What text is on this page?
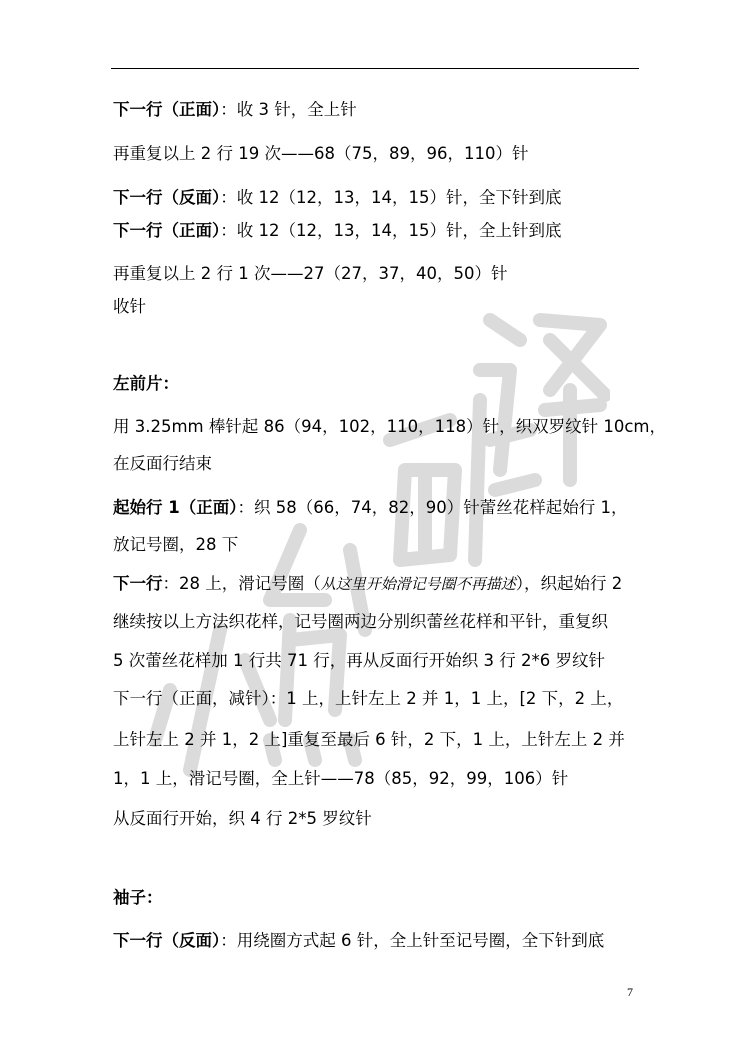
下一行（正面）：收 3 针，全上针
再重复以上 2 行 19 次——68（75，89，96，110）针
下一行（反面）：收 12（12，13，14，15）针，全下针到底
下一行（正面）：收 12（12，13，14，15）针，全上针到底
再重复以上 2 行 1 次——27（27，37，40，50）针
收针
左前片：
用 3.25mm 棒针起 86（94，102，110，118）针，织双罗纹针 10cm，
在反面行结束
起始行 1（正面）：织 58（66，74，82，90）针蕾丝花样起始行 1，
放记号圈，28 下
下一行：28 上，滑记号圈（从这里开始滑记号圈不再描述），织起始行 2
继续按以上方法织花样，记号圈两边分别织蕾丝花样和平针，重复织
5 次蕾丝花样加 1 行共 71 行，再从反面行开始织 3 行 2*6 罗纹针
下一行（正面，减针）：1 上，上针左上 2 并 1，1 上，[2 下，2 上，
上针左上 2 并 1，2 上]重复至最后 6 针，2 下，1 上，上针左上 2 并
1，1 上，滑记号圈，全上针——78（85，92，99，106）针
从反面行开始，织 4 行 2*5 罗纹针
袖子：
下一行（反面）：用绕圈方式起 6 针，全上针至记号圈，全下针到底
7
